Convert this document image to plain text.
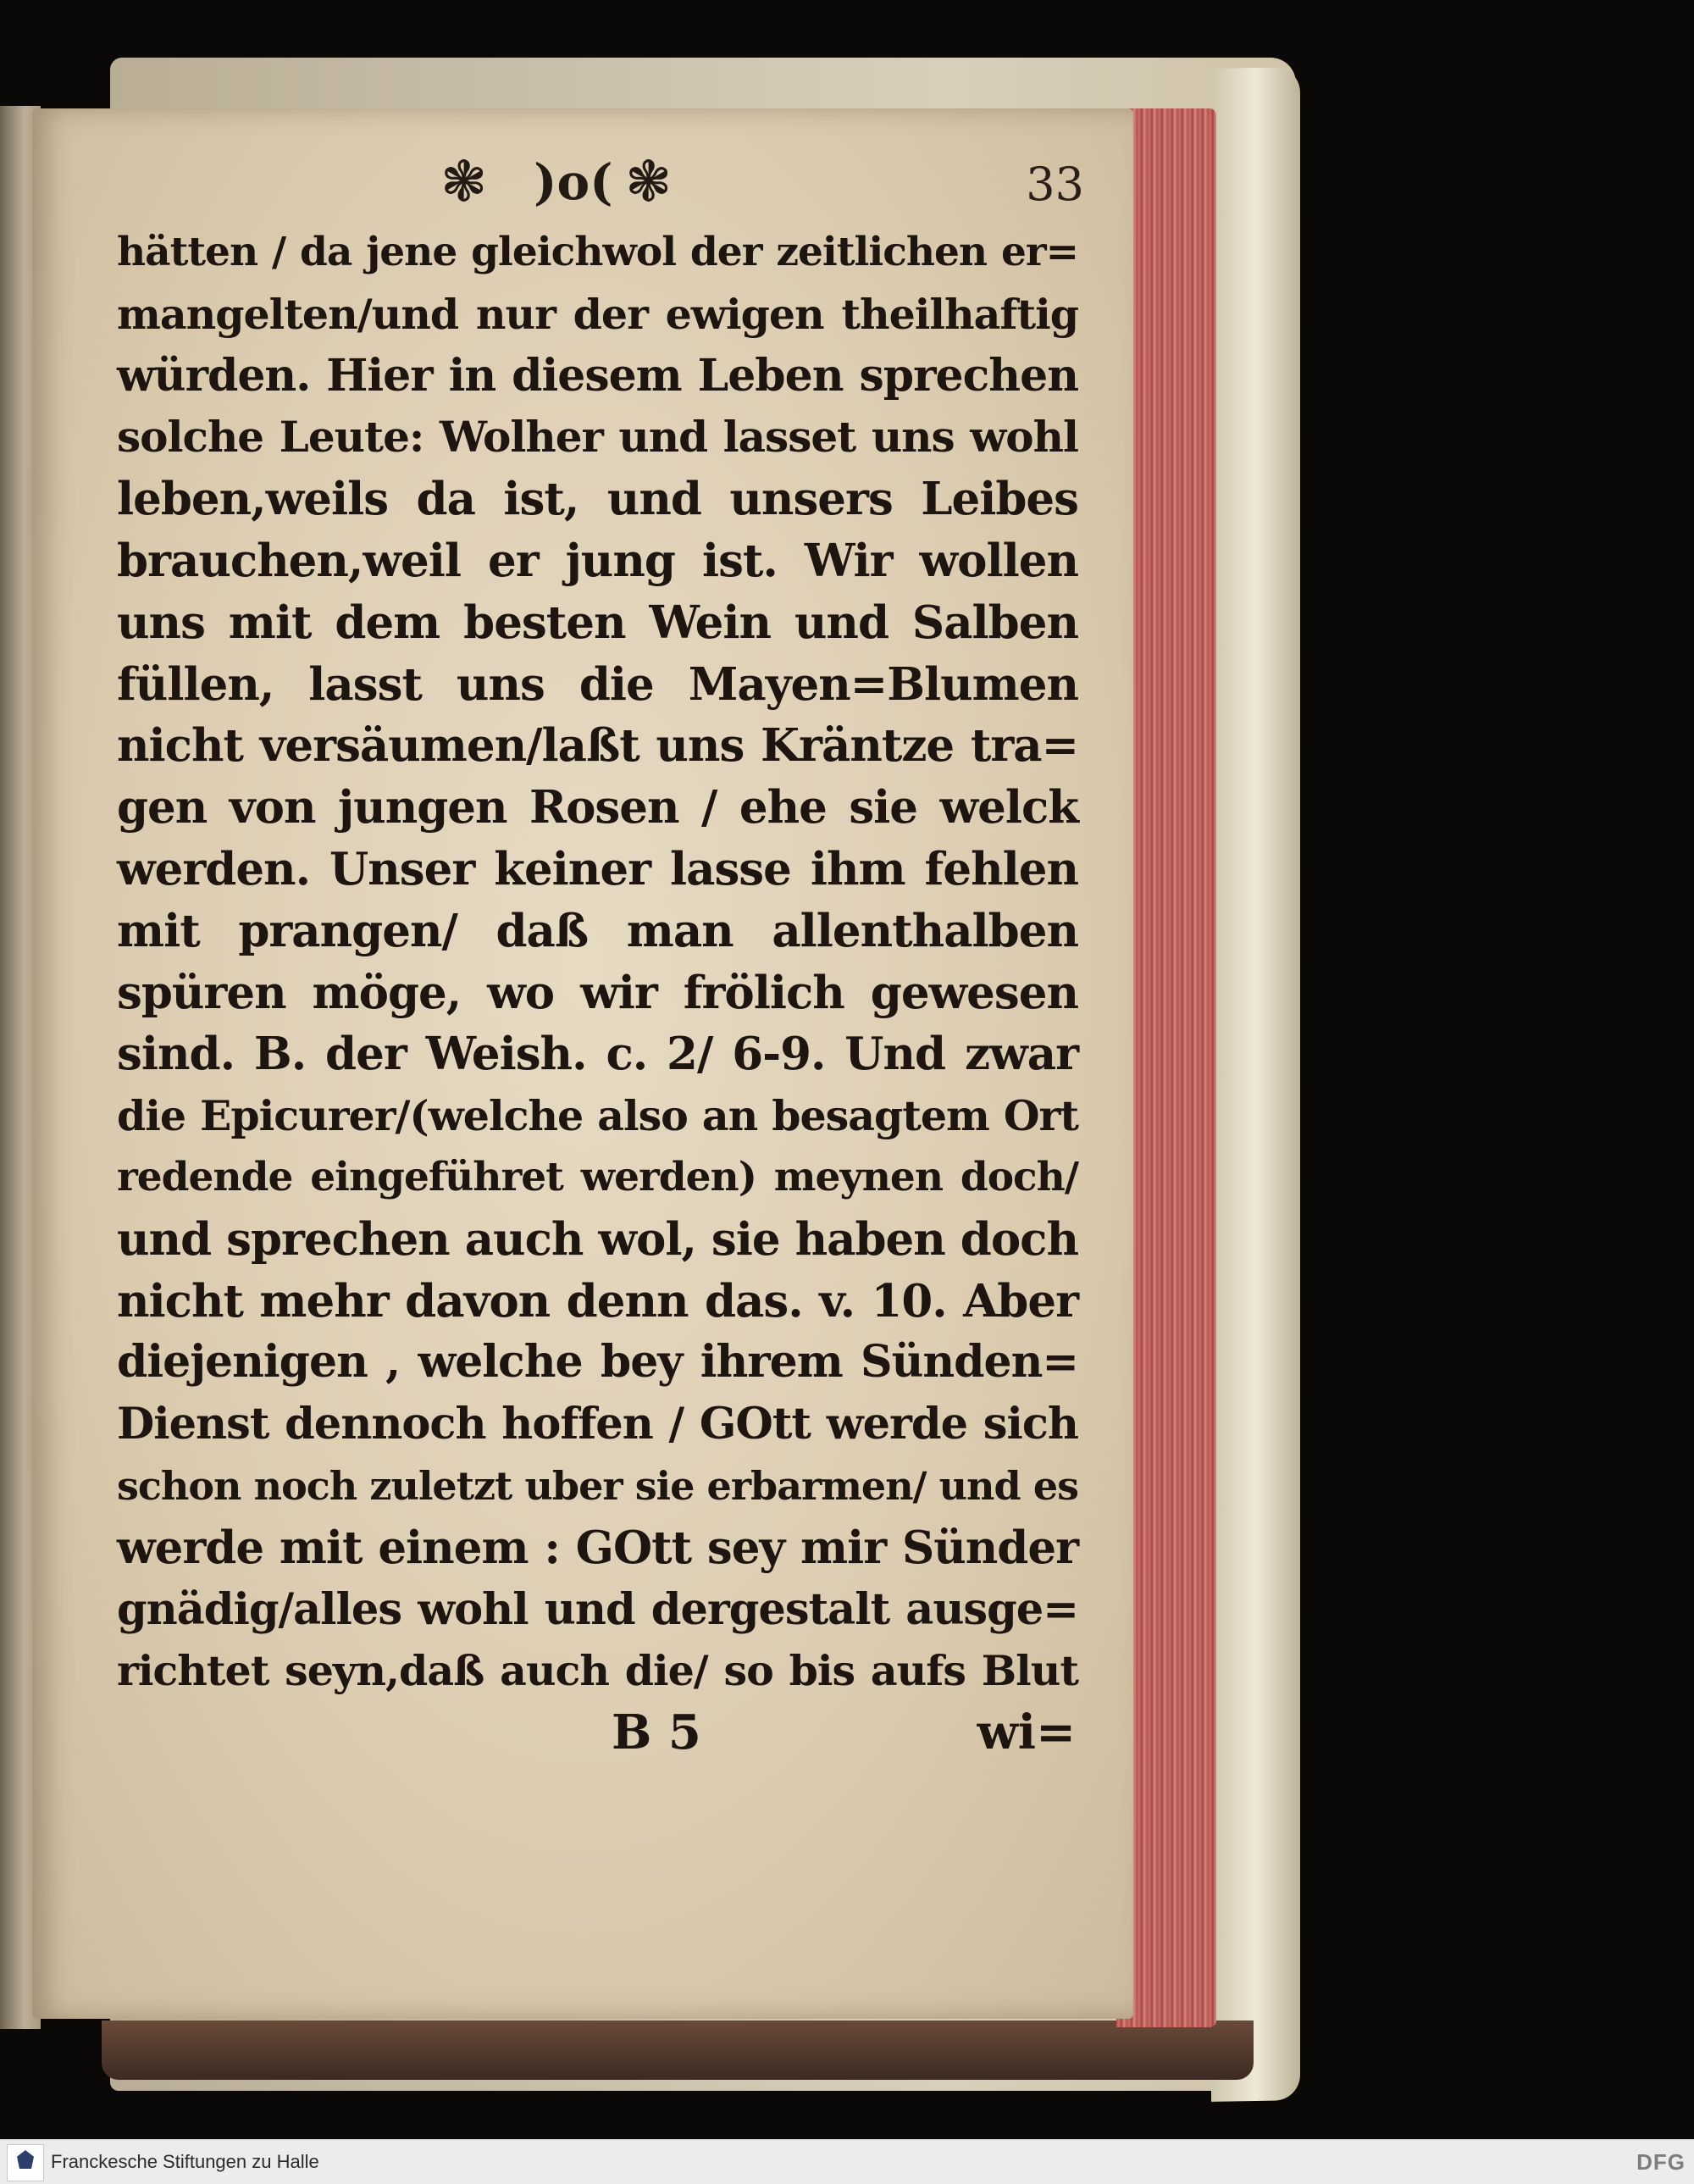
❃ )o( ❃	33
hätten / da jene gleichwol der zeitlichen er=
mangelten/und nur der ewigen theilhaftig
würden. Hier in diesem Leben sprechen
solche Leute: Wolher und lasset uns wohl
leben,weils da ist, und unsers Leibes
brauchen,weil er jung ist. Wir wollen
uns mit dem besten Wein und Salben
füllen, lasst uns die Mayen=Blumen
nicht versäumen/laßt uns Kräntze tra=
gen von jungen Rosen / ehe sie welck
werden. Unser keiner lasse ihm fehlen
mit prangen/ daß man allenthalben
spüren möge, wo wir frölich gewesen
sind. B. der Weish. c. 2/ 6-9. Und zwar
die Epicurer/(welche also an besagtem Ort
redende eingeführet werden) meynen doch/
und sprechen auch wol, sie haben doch
nicht mehr davon denn das. v. 10. Aber
diejenigen , welche bey ihrem Sünden=
Dienst dennoch hoffen / GOtt werde sich
schon noch zuletzt uber sie erbarmen/ und es
werde mit einem : GOtt sey mir Sünder
gnädig/alles wohl und dergestalt ausge=
richtet seyn,daß auch die/ so bis aufs Blut
B 5	wi=
Franckesche Stiftungen zu Halle	DFG
